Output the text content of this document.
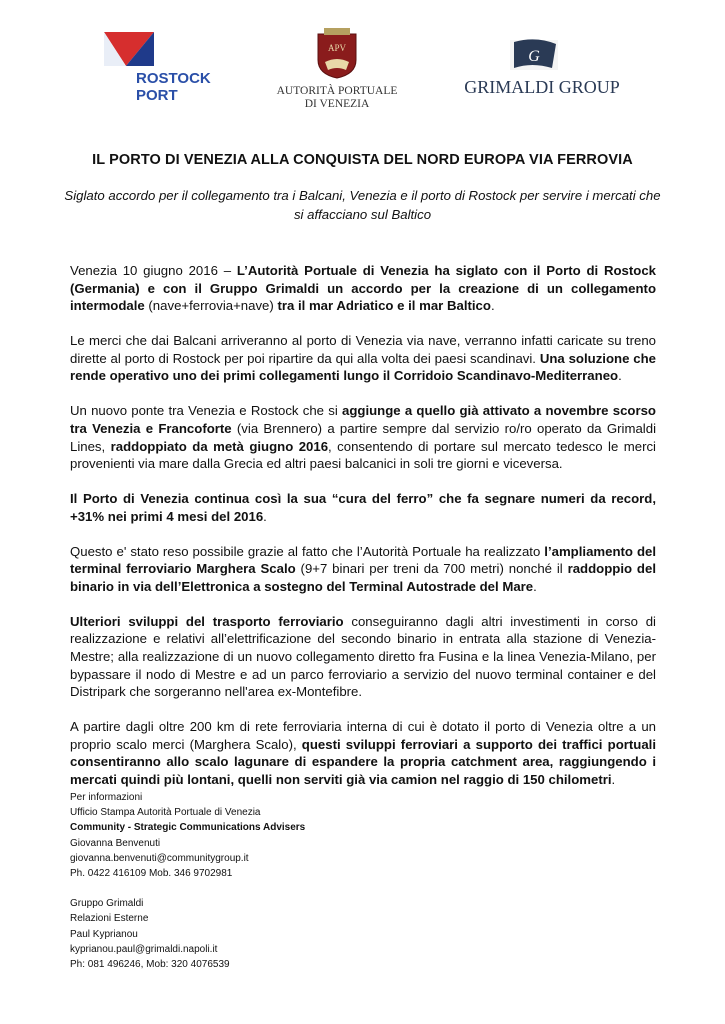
ROSTOCK
PORT
APV
AUTORITÀ PORTUALE
DI VENEZIA
G
GRIMALDI GROUP
IL PORTO DI VENEZIA ALLA CONQUISTA DEL NORD EUROPA VIA FERROVIA
Siglato accordo per il collegamento tra i Balcani, Venezia e il porto di Rostock per servire i mercati che si affacciano sul Baltico

Venezia 10 giugno 2016 – L’Autorità Portuale di Venezia ha siglato con il Porto di Rostock (Germania) e con il Gruppo Grimaldi un accordo per la creazione di un collegamento intermodale (nave+ferrovia+nave) tra il mar Adriatico e il mar Baltico.

Le merci che dai Balcani arriveranno al porto di Venezia via nave, verranno infatti caricate su treno dirette al porto di Rostock per poi ripartire da qui alla volta dei paesi scandinavi. Una soluzione che rende operativo uno dei primi collegamenti lungo il Corridoio Scandinavo-Mediterraneo.

Un nuovo ponte tra Venezia e Rostock che si aggiunge a quello già attivato a novembre scorso tra Venezia e Francoforte (via Brennero) a partire sempre dal servizio ro/ro operato da Grimaldi Lines, raddoppiato da metà giugno 2016, consentendo di portare sul mercato tedesco le merci provenienti via mare dalla Grecia ed altri paesi balcanici in soli tre giorni e viceversa.

Il Porto di Venezia continua così la sua “cura del ferro” che fa segnare numeri da record, +31% nei primi 4 mesi del 2016.

Questo e' stato reso possibile grazie al fatto che l’Autorità Portuale ha realizzato l’ampliamento del terminal ferroviario Marghera Scalo (9+7 binari per treni da 700 metri) nonché il raddoppio del binario in via dell’Elettronica a sostegno del Terminal Autostrade del Mare.

Ulteriori sviluppi del trasporto ferroviario conseguiranno dagli altri investimenti in corso di realizzazione e relativi all’elettrificazione del secondo binario in entrata alla stazione di Venezia-Mestre; alla realizzazione di un nuovo collegamento diretto fra Fusina e la linea Venezia-Milano, per bypassare il nodo di Mestre e ad un parco ferroviario a servizio del nuovo terminal container e del Distripark che sorgeranno nell'area ex-Montefibre.

A partire dagli oltre 200 km di rete ferroviaria interna di cui è dotato il porto di Venezia oltre a un proprio scalo merci (Marghera Scalo), questi sviluppi ferroviari a supporto dei traffici portuali consentiranno allo scalo lagunare di espandere la propria catchment area, raggiungendo i mercati quindi più lontani, quelli non serviti già via camion nel raggio di 150 chilometri.

Per informazioni
Ufficio Stampa Autorità Portuale di Venezia
Community - Strategic Communications Advisers
Giovanna Benvenuti
giovanna.benvenuti@communitygroup.it
Ph. 0422 416109 Mob. 346 9702981
Gruppo Grimaldi
Relazioni Esterne
Paul Kyprianou
kyprianou.paul@grimaldi.napoli.it
Ph: 081 496246, Mob: 320 4076539
